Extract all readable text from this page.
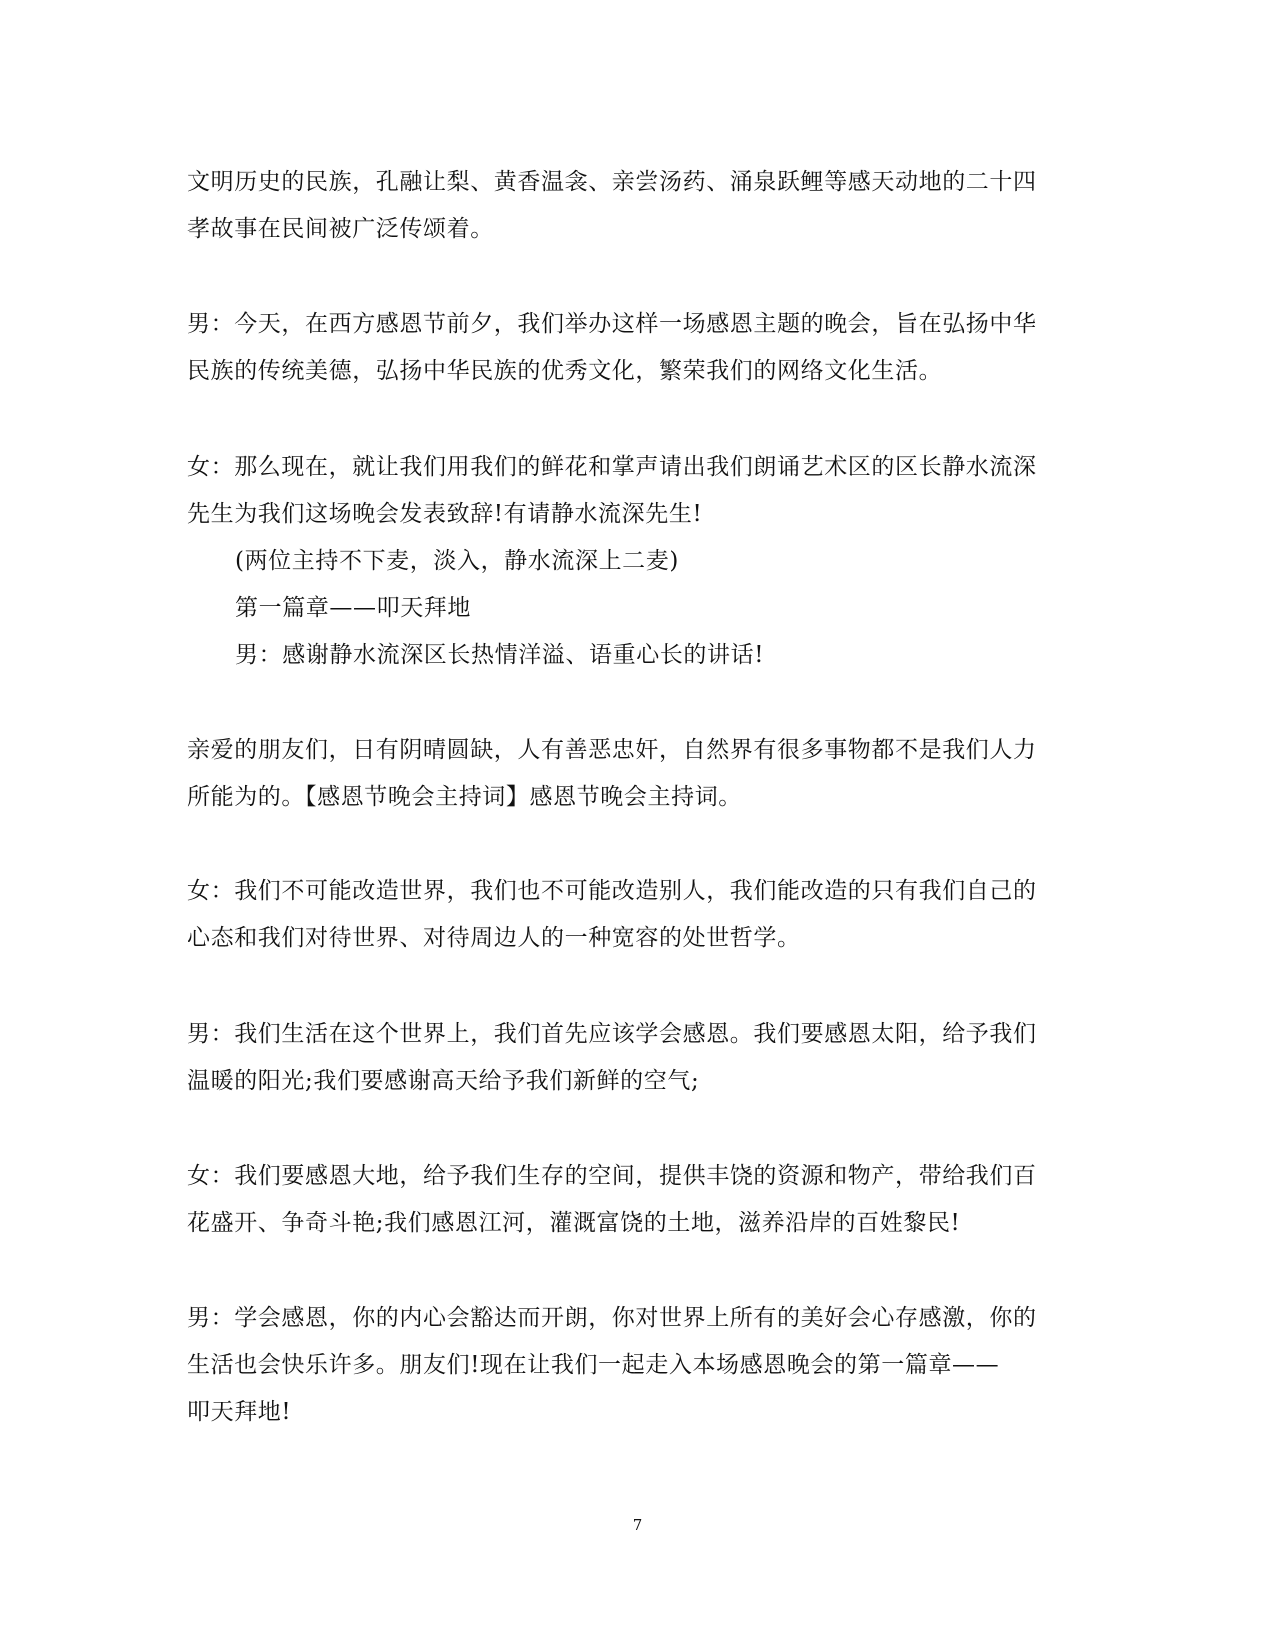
文明历史的民族，孔融让梨、黄香温衾、亲尝汤药、涌泉跃鲤等感天动地的二十四
孝故事在民间被广泛传颂着。
男：今天，在西方感恩节前夕，我们举办这样一场感恩主题的晚会，旨在弘扬中华
民族的传统美德，弘扬中华民族的优秀文化，繁荣我们的网络文化生活。
女：那么现在，就让我们用我们的鲜花和掌声请出我们朗诵艺术区的区长静水流深
先生为我们这场晚会发表致辞!有请静水流深先生!
(两位主持不下麦，淡入，静水流深上二麦)
第一篇章——叩天拜地
男：感谢静水流深区长热情洋溢、语重心长的讲话!
亲爱的朋友们，日有阴晴圆缺，人有善恶忠奸，自然界有很多事物都不是我们人力
所能为的。【感恩节晚会主持词】感恩节晚会主持词。
女：我们不可能改造世界，我们也不可能改造别人，我们能改造的只有我们自己的
心态和我们对待世界、对待周边人的一种宽容的处世哲学。
男：我们生活在这个世界上，我们首先应该学会感恩。我们要感恩太阳，给予我们
温暖的阳光;我们要感谢高天给予我们新鲜的空气;
女：我们要感恩大地，给予我们生存的空间，提供丰饶的资源和物产，带给我们百
花盛开、争奇斗艳;我们感恩江河，灌溉富饶的土地，滋养沿岸的百姓黎民!
男：学会感恩，你的内心会豁达而开朗，你对世界上所有的美好会心存感激，你的
生活也会快乐许多。朋友们!现在让我们一起走入本场感恩晚会的第一篇章——
叩天拜地!
7
